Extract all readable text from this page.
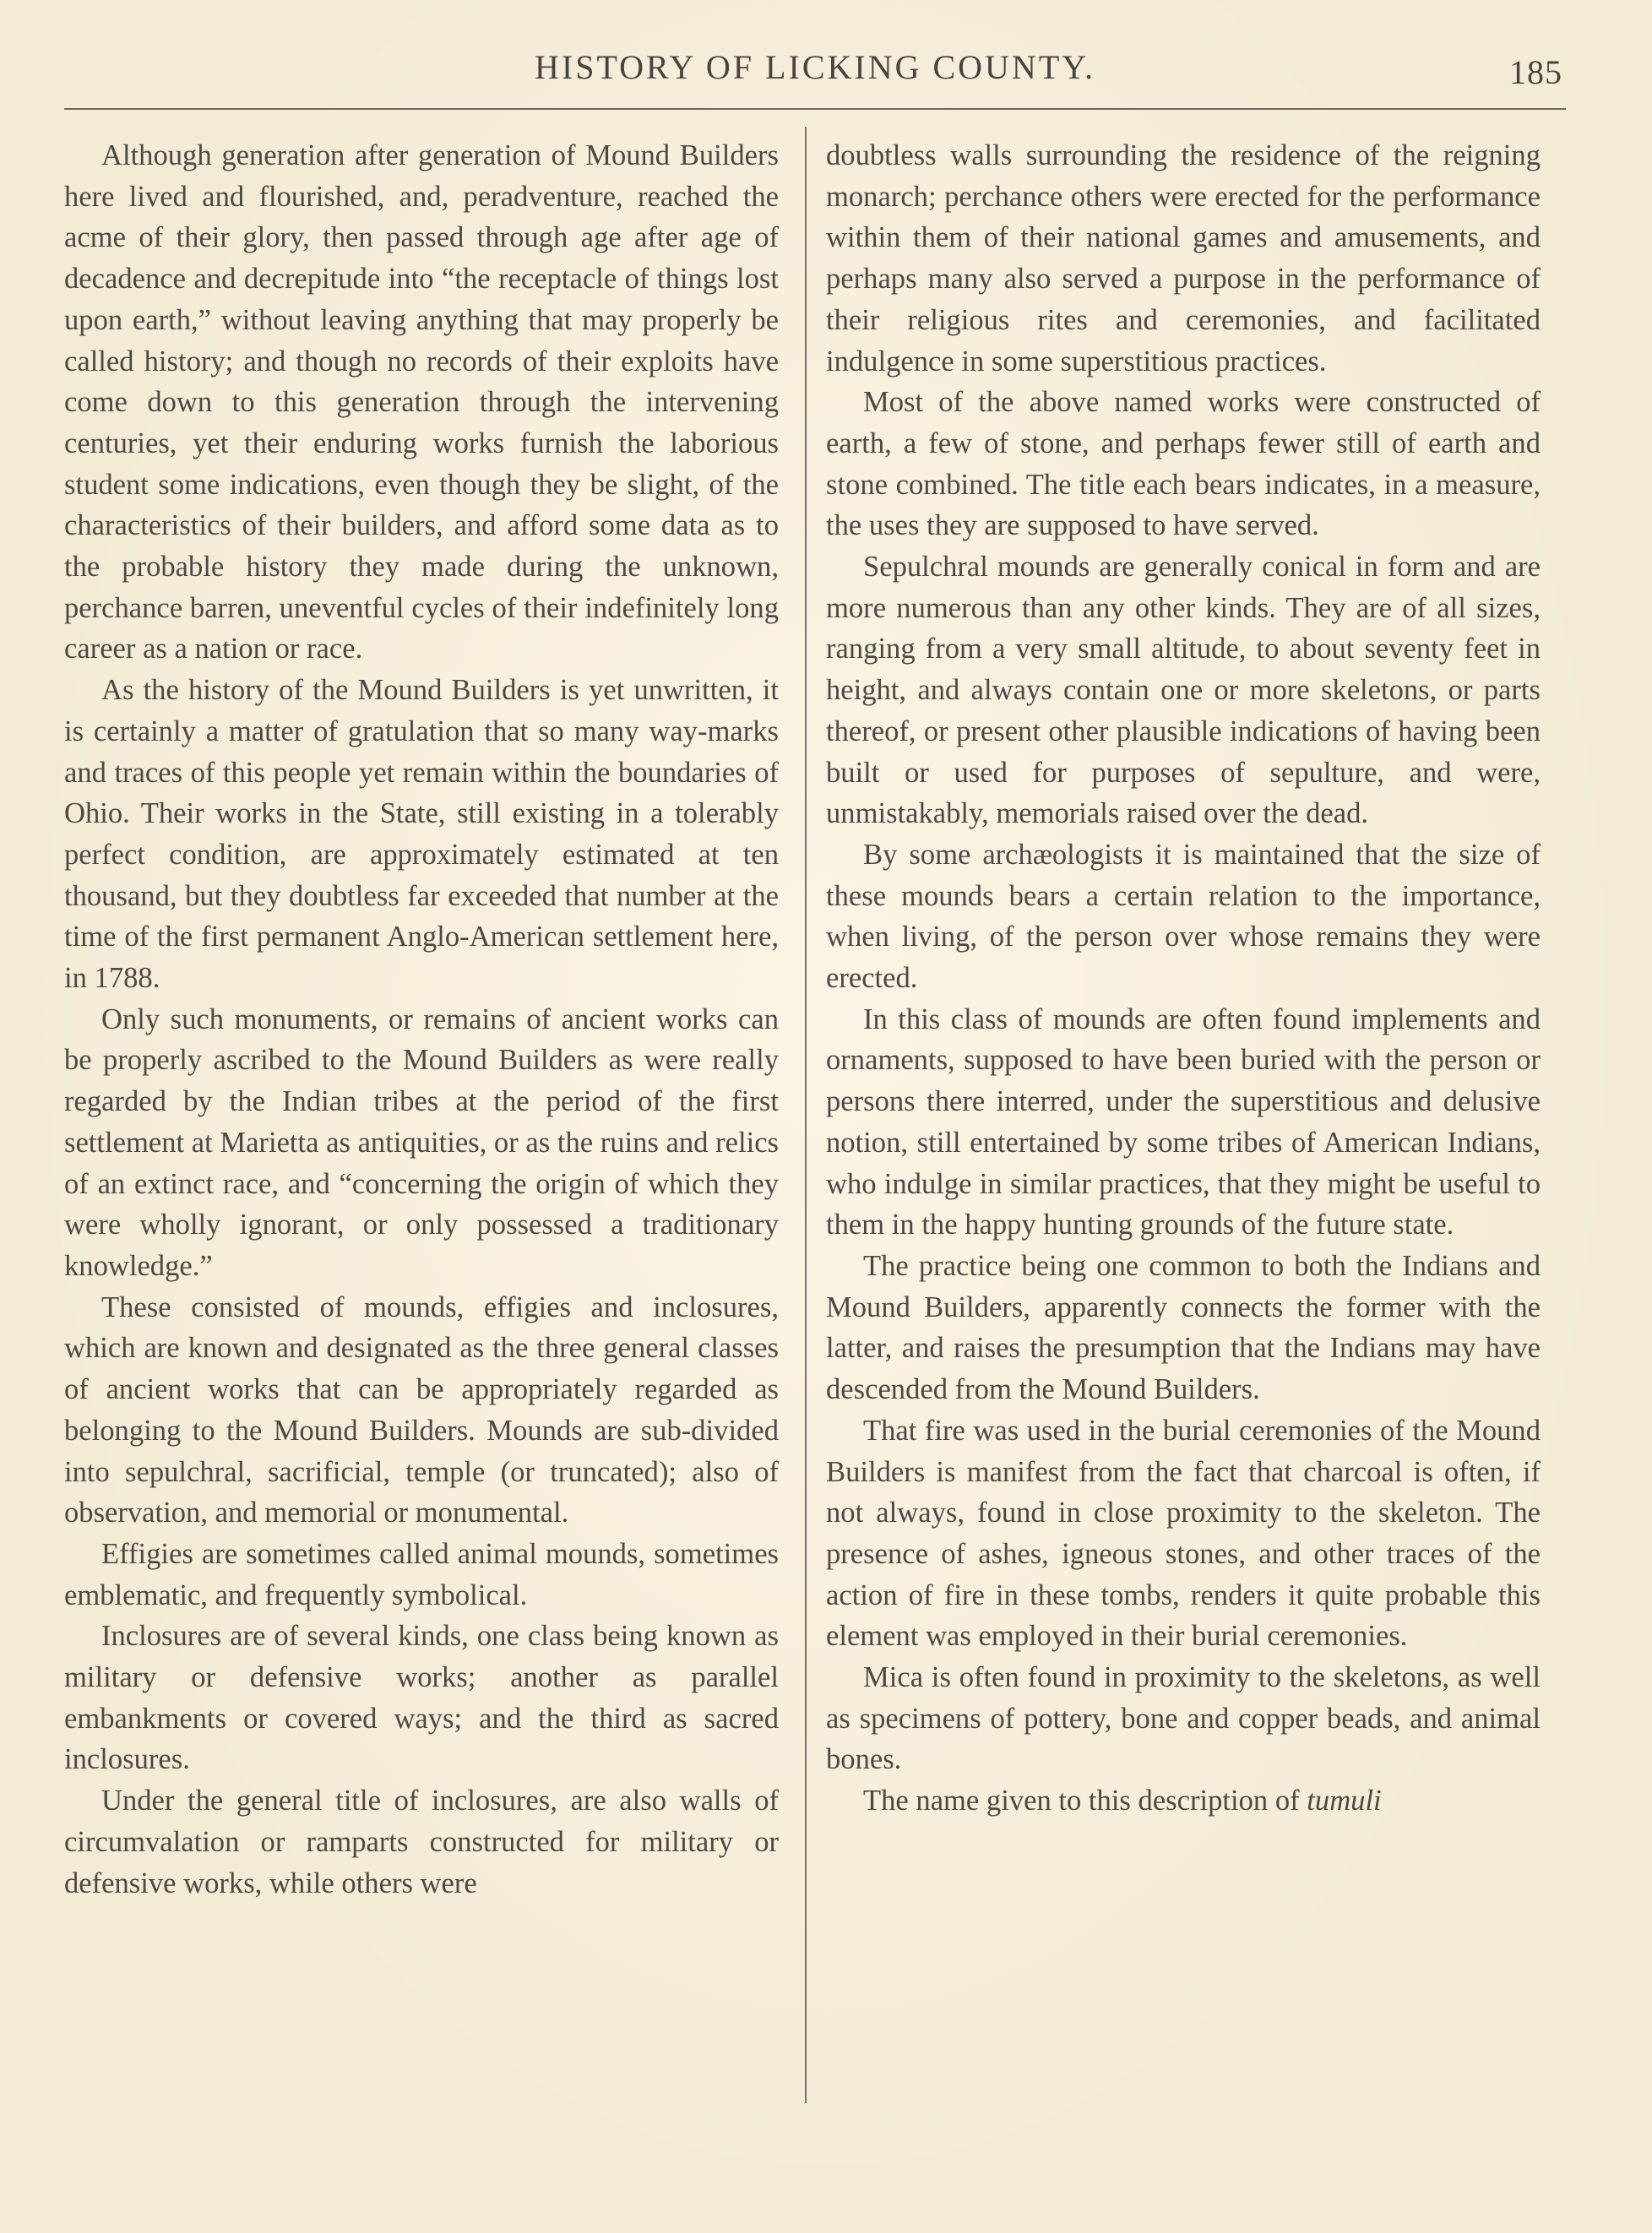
HISTORY OF LICKING COUNTY.	185

Although generation after generation of Mound Builders here lived and flourished, and, peradventure, reached the acme of their glory, then passed through age after age of decadence and decrepitude into “the receptacle of things lost upon earth,” without leaving anything that may properly be called history; and though no records of their exploits have come down to this generation through the intervening centuries, yet their enduring works furnish the laborious student some indications, even though they be slight, of the characteristics of their builders, and afford some data as to the probable history they made during the unknown, perchance barren, uneventful cycles of their indefinitely long career as a nation or race.

As the history of the Mound Builders is yet unwritten, it is certainly a matter of gratulation that so many way-marks and traces of this people yet remain within the boundaries of Ohio. Their works in the State, still existing in a tolerably perfect condition, are approximately estimated at ten thousand, but they doubtless far exceeded that number at the time of the first permanent Anglo-American settlement here, in 1788.

Only such monuments, or remains of ancient works can be properly ascribed to the Mound Builders as were really regarded by the Indian tribes at the period of the first settlement at Marietta as antiquities, or as the ruins and relics of an extinct race, and “concerning the origin of which they were wholly ignorant, or only possessed a traditionary knowledge.”

These consisted of mounds, effigies and inclosures, which are known and designated as the three general classes of ancient works that can be appropriately regarded as belonging to the Mound Builders. Mounds are sub-divided into sepulchral, sacrificial, temple (or truncated); also of observation, and memorial or monumental.

Effigies are sometimes called animal mounds, sometimes emblematic, and frequently symbolical.

Inclosures are of several kinds, one class being known as military or defensive works; another as parallel embankments or covered ways; and the third as sacred inclosures.

Under the general title of inclosures, are also walls of circumvalation or ramparts constructed for military or defensive works, while others were

doubtless walls surrounding the residence of the reigning monarch; perchance others were erected for the performance within them of their national games and amusements, and perhaps many also served a purpose in the performance of their religious rites and ceremonies, and facilitated indulgence in some superstitious practices.

Most of the above named works were constructed of earth, a few of stone, and perhaps fewer still of earth and stone combined. The title each bears indicates, in a measure, the uses they are supposed to have served.

Sepulchral mounds are generally conical in form and are more numerous than any other kinds. They are of all sizes, ranging from a very small altitude, to about seventy feet in height, and always contain one or more skeletons, or parts thereof, or present other plausible indications of having been built or used for purposes of sepulture, and were, unmistakably, memorials raised over the dead.

By some archæologists it is maintained that the size of these mounds bears a certain relation to the importance, when living, of the person over whose remains they were erected.

In this class of mounds are often found implements and ornaments, supposed to have been buried with the person or persons there interred, under the superstitious and delusive notion, still entertained by some tribes of American Indians, who indulge in similar practices, that they might be useful to them in the happy hunting grounds of the future state.

The practice being one common to both the Indians and Mound Builders, apparently connects the former with the latter, and raises the presumption that the Indians may have descended from the Mound Builders.

That fire was used in the burial ceremonies of the Mound Builders is manifest from the fact that charcoal is often, if not always, found in close proximity to the skeleton. The presence of ashes, igneous stones, and other traces of the action of fire in these tombs, renders it quite probable this element was employed in their burial ceremonies.

Mica is often found in proximity to the skeletons, as well as specimens of pottery, bone and copper beads, and animal bones.

The name given to this description of tumuli
